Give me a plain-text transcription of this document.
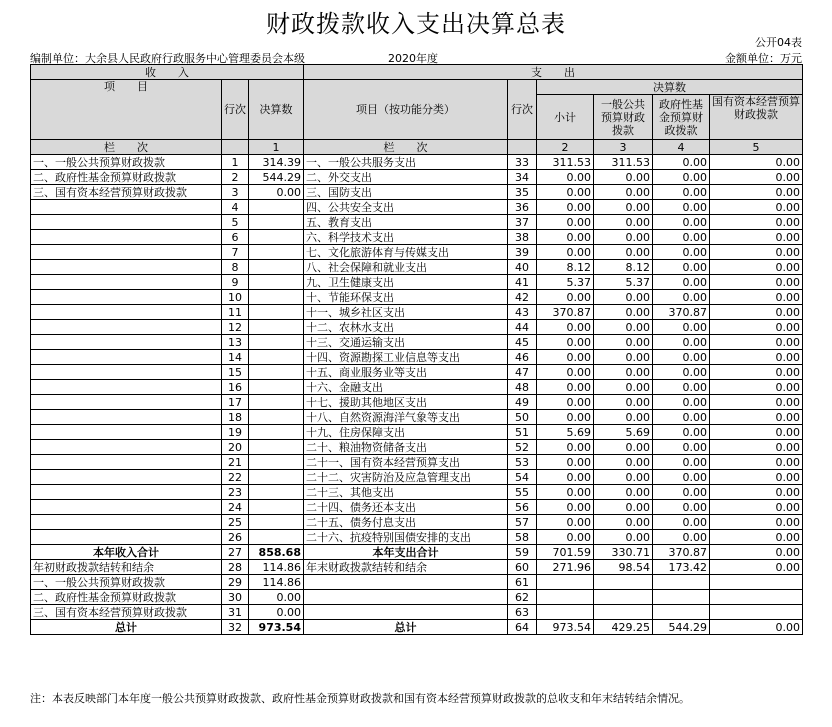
财政拨款收入支出决算总表
公开04表
编制单位：大余县人民政府行政服务中心管理委员会本级	2020年度	金额单位：万元
收　　入			支　　出					
项　　目	行次	决算数	项目（按功能分类）	行次	决算数			
					小计	一般公共预算财政拨款	政府性基金预算财政拨款	国有资本经营预算财政拨款

栏　　次		1	栏　　次		2	3	4	5
一、一般公共预算财政拨款	1	314.39	一、一般公共服务支出	33	311.53	311.53	0.00	0.00
二、政府性基金预算财政拨款	2	544.29	二、外交支出	34	0.00	0.00	0.00	0.00
三、国有资本经营预算财政拨款	3	0.00	三、国防支出	35	0.00	0.00	0.00	0.00
	4		四、公共安全支出	36	0.00	0.00	0.00	0.00
	5		五、教育支出	37	0.00	0.00	0.00	0.00
	6		六、科学技术支出	38	0.00	0.00	0.00	0.00
	7		七、文化旅游体育与传媒支出	39	0.00	0.00	0.00	0.00
	8		八、社会保障和就业支出	40	8.12	8.12	0.00	0.00
	9		九、卫生健康支出	41	5.37	5.37	0.00	0.00
	10		十、节能环保支出	42	0.00	0.00	0.00	0.00
	11		十一、城乡社区支出	43	370.87	0.00	370.87	0.00
	12		十二、农林水支出	44	0.00	0.00	0.00	0.00
	13		十三、交通运输支出	45	0.00	0.00	0.00	0.00
	14		十四、资源勘探工业信息等支出	46	0.00	0.00	0.00	0.00
	15		十五、商业服务业等支出	47	0.00	0.00	0.00	0.00
	16		十六、金融支出	48	0.00	0.00	0.00	0.00
	17		十七、援助其他地区支出	49	0.00	0.00	0.00	0.00
	18		十八、自然资源海洋气象等支出	50	0.00	0.00	0.00	0.00
	19		十九、住房保障支出	51	5.69	5.69	0.00	0.00
	20		二十、粮油物资储备支出	52	0.00	0.00	0.00	0.00
	21		二十一、国有资本经营预算支出	53	0.00	0.00	0.00	0.00
	22		二十二、灾害防治及应急管理支出	54	0.00	0.00	0.00	0.00
	23		二十三、其他支出	55	0.00	0.00	0.00	0.00
	24		二十四、债务还本支出	56	0.00	0.00	0.00	0.00
	25		二十五、债务付息支出	57	0.00	0.00	0.00	0.00
	26		二十六、抗疫特别国债安排的支出	58	0.00	0.00	0.00	0.00
本年收入合计	27	858.68	本年支出合计	59	701.59	330.71	370.87	0.00
年初财政拨款结转和结余	28	114.86	年末财政拨款结转和结余	60	271.96	98.54	173.42	0.00
一、一般公共预算财政拨款	29	114.86		61				
二、政府性基金预算财政拨款	30	0.00		62				
三、国有资本经营预算财政拨款	31	0.00		63				
总计	32	973.54	总计	64	973.54	429.25	544.29	0.00
注：本表反映部门本年度一般公共预算财政拨款、政府性基金预算财政拨款和国有资本经营预算财政拨款的总收支和年末结转结余情况。
